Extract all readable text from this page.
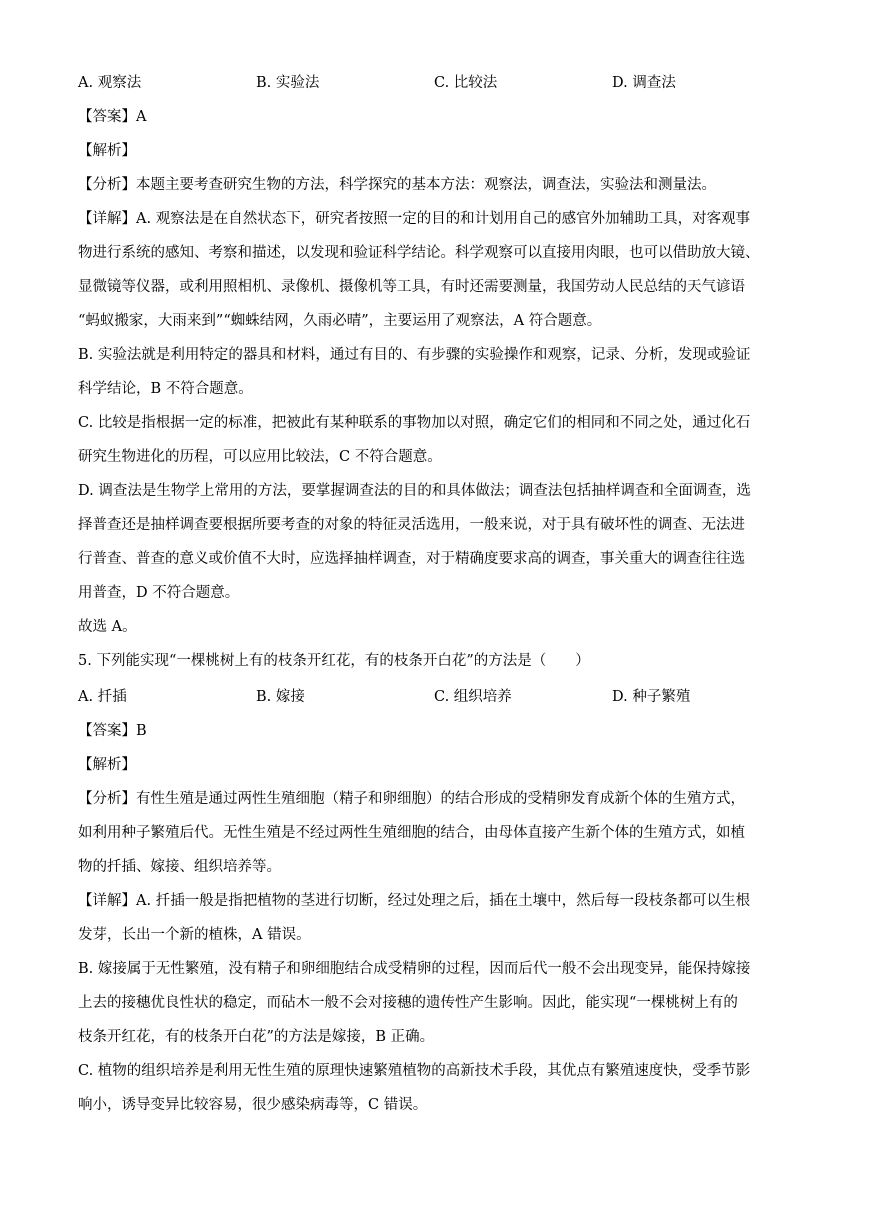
A. 观察法	B. 实验法	C. 比较法	D. 调查法
【答案】A
【解析】
【分析】本题主要考查研究生物的方法，科学探究的基本方法：观察法，调查法，实验法和测量法。
【详解】A. 观察法是在自然状态下，研究者按照一定的目的和计划用自己的感官外加辅助工具，对客观事
物进行系统的感知、考察和描述，以发现和验证科学结论。科学观察可以直接用肉眼，也可以借助放大镜、
显微镜等仪器，或利用照相机、录像机、摄像机等工具，有时还需要测量，我国劳动人民总结的天气谚语
“蚂蚁搬家，大雨来到”“蜘蛛结网，久雨必晴”，主要运用了观察法，A 符合题意。
B. 实验法就是利用特定的器具和材料，通过有目的、有步骤的实验操作和观察，记录、分析，发现或验证
科学结论，B 不符合题意。
C. 比较是指根据一定的标准，把被此有某种联系的事物加以对照，确定它们的相同和不同之处，通过化石
研究生物进化的历程，可以应用比较法，C 不符合题意。
D. 调查法是生物学上常用的方法，要掌握调查法的目的和具体做法；调查法包括抽样调查和全面调查，选
择普查还是抽样调查要根据所要考查的对象的特征灵活选用，一般来说，对于具有破坏性的调查、无法进
行普查、普查的意义或价值不大时，应选择抽样调查，对于精确度要求高的调查，事关重大的调查往往选
用普查，D 不符合题意。
故选 A。
5. 下列能实现“一棵桃树上有的枝条开红花，有的枝条开白花”的方法是（　　）
A. 扦插	B. 嫁接	C. 组织培养	D. 种子繁殖
【答案】B
【解析】
【分析】有性生殖是通过两性生殖细胞（精子和卵细胞）的结合形成的受精卵发育成新个体的生殖方式，
如利用种子繁殖后代。无性生殖是不经过两性生殖细胞的结合，由母体直接产生新个体的生殖方式，如植
物的扦插、嫁接、组织培养等。
【详解】A. 扦插一般是指把植物的茎进行切断，经过处理之后，插在土壤中，然后每一段枝条都可以生根
发芽，长出一个新的植株，A 错误。
B. 嫁接属于无性繁殖，没有精子和卵细胞结合成受精卵的过程，因而后代一般不会出现变异，能保持嫁接
上去的接穗优良性状的稳定，而砧木一般不会对接穗的遗传性产生影响。因此，能实现“一棵桃树上有的
枝条开红花，有的枝条开白花”的方法是嫁接，B 正确。
C. 植物的组织培养是利用无性生殖的原理快速繁殖植物的高新技术手段，其优点有繁殖速度快，受季节影
响小，诱导变异比较容易，很少感染病毒等，C 错误。
